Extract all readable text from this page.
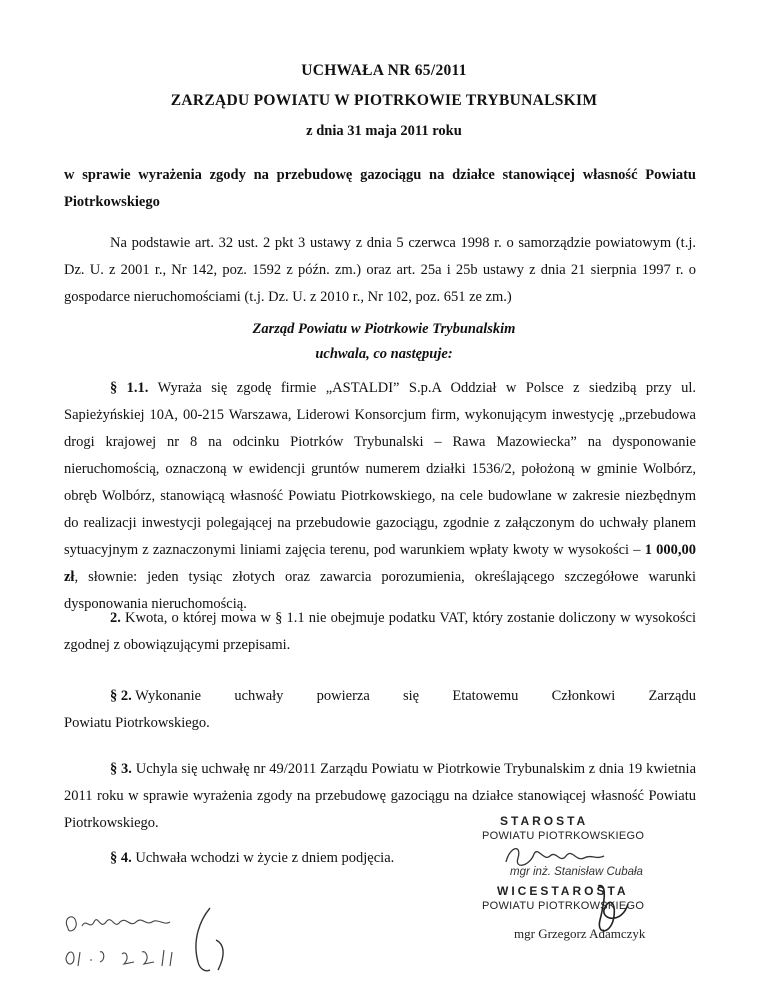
UCHWAŁA NR 65/2011
ZARZĄDU POWIATU W PIOTRKOWIE TRYBUNALSKIM
z dnia 31 maja 2011 roku
w sprawie wyrażenia zgody na przebudowę gazociągu na działce stanowiącej własność Powiatu Piotrkowskiego
Na podstawie art. 32 ust. 2 pkt 3 ustawy z dnia 5 czerwca 1998 r. o samorządzie powiatowym (t.j. Dz. U. z 2001 r., Nr 142, poz. 1592 z późn. zm.) oraz art. 25a i 25b ustawy z dnia 21 sierpnia 1997 r. o gospodarce nieruchomościami (t.j. Dz. U. z 2010 r., Nr 102, poz. 651 ze zm.)
Zarząd Powiatu w Piotrkowie Trybunalskim
uchwala, co następuje:
§ 1.1. Wyraża się zgodę firmie „ASTALDI” S.p.A Oddział w Polsce z siedzibą przy ul. Sapieżyńskiej 10A, 00-215 Warszawa, Liderowi Konsorcjum firm, wykonującym inwestycję „przebudowa drogi krajowej nr 8 na odcinku Piotrków Trybunalski – Rawa Mazowiecka” na dysponowanie nieruchomością, oznaczoną w ewidencji gruntów numerem działki 1536/2, położoną w gminie Wolbórz, obręb Wolbórz, stanowiącą własność Powiatu Piotrkowskiego, na cele budowlane w zakresie niezbędnym do realizacji inwestycji polegającej na przebudowie gazociągu, zgodnie z załączonym do uchwały planem sytuacyjnym z zaznaczonymi liniami zajęcia terenu, pod warunkiem wpłaty kwoty w wysokości – 1 000,00 zł, słownie: jeden tysiąc złotych oraz zawarcia porozumienia, określającego szczegółowe warunki dysponowania nieruchomością.
2. Kwota, o której mowa w § 1.1 nie obejmuje podatku VAT, który zostanie doliczony w wysokości zgodnej z obowiązującymi przepisami.
§ 2. Wykonanie uchwały powierza się Etatowemu Członkowi Zarządu
Powiatu Piotrkowskiego.
§ 3. Uchyla się uchwałę nr 49/2011 Zarządu Powiatu w Piotrkowie Trybunalskim z dnia 19 kwietnia 2011 roku w sprawie wyrażenia zgody na przebudowę gazociągu na działce stanowiącej własność Powiatu Piotrkowskiego.
§ 4. Uchwała wchodzi w życie z dniem podjęcia.
STAROSTA
POWIATU PIOTRKOWSKIEGO
mgr inż. Stanisław Cubała
WICESTAROSTA
POWIATU PIOTRKOWSKIEGO
mgr Grzegorz Adamczyk
